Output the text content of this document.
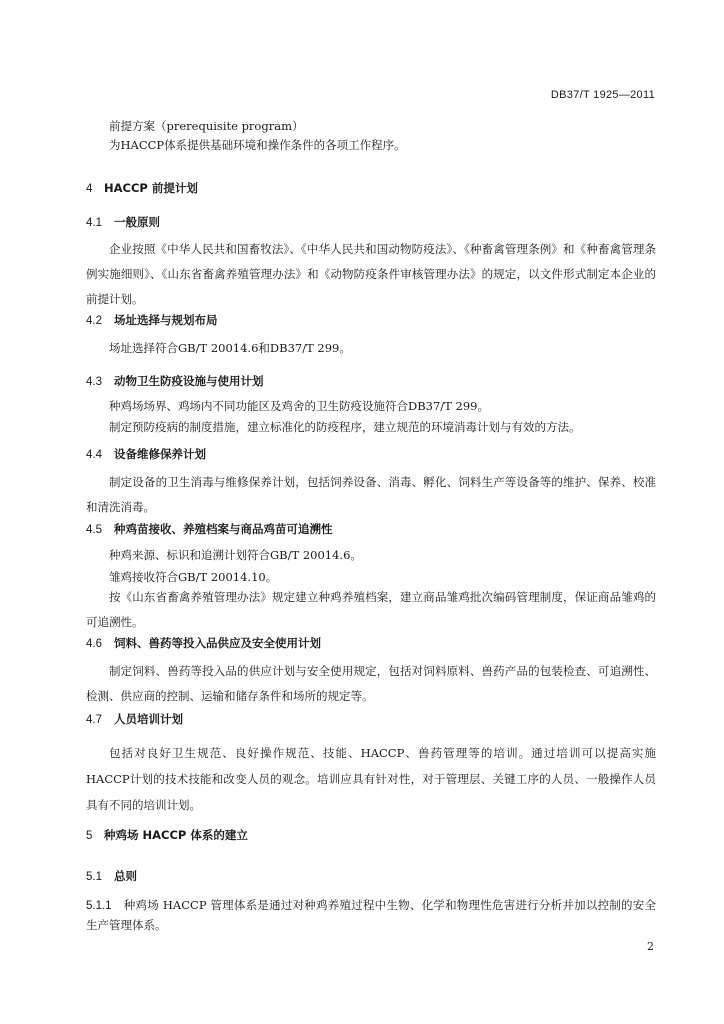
DB37/T 1925—2011
前提方案（prerequisite program）
为HACCP体系提供基础环境和操作条件的各项工作程序。
4 HACCP 前提计划
4.1 一般原则
企业按照《中华人民共和国畜牧法》、《中华人民共和国动物防疫法》、《种畜禽管理条例》和《种畜禽管理条例实施细则》、《山东省畜禽养殖管理办法》和《动物防疫条件审核管理办法》的规定，以文件形式制定本企业的前提计划。
4.2 场址选择与规划布局
场址选择符合GB/T 20014.6和DB37/T 299。
4.3 动物卫生防疫设施与使用计划
种鸡场场界、鸡场内不同功能区及鸡舍的卫生防疫设施符合DB37/T 299。
制定预防疫病的制度措施，建立标准化的防疫程序，建立规范的环境消毒计划与有效的方法。
4.4 设备维修保养计划
制定设备的卫生消毒与维修保养计划，包括饲养设备、消毒、孵化、饲料生产等设备等的维护、保养、校准和清洗消毒。
4.5 种鸡苗接收、养殖档案与商品鸡苗可追溯性
种鸡来源、标识和追溯计划符合GB/T 20014.6。
雏鸡接收符合GB/T 20014.10。
按《山东省畜禽养殖管理办法》规定建立种鸡养殖档案，建立商品雏鸡批次编码管理制度，保证商品雏鸡的可追溯性。
4.6 饲料、兽药等投入品供应及安全使用计划
制定饲料、兽药等投入品的供应计划与安全使用规定，包括对饲料原料、兽药产品的包装检查、可追溯性、检测、供应商的控制、运输和储存条件和场所的规定等。
4.7 人员培训计划
包括对良好卫生规范、良好操作规范、技能、HACCP、兽药管理等的培训。通过培训可以提高实施HACCP计划的技术技能和改变人员的观念。培训应具有针对性，对于管理层、关键工序的人员、一般操作人员具有不同的培训计划。
5 种鸡场 HACCP 体系的建立
5.1 总则
5.1.1 种鸡场 HACCP 管理体系是通过对种鸡养殖过程中生物、化学和物理性危害进行分析并加以控制的安全生产管理体系。
2
